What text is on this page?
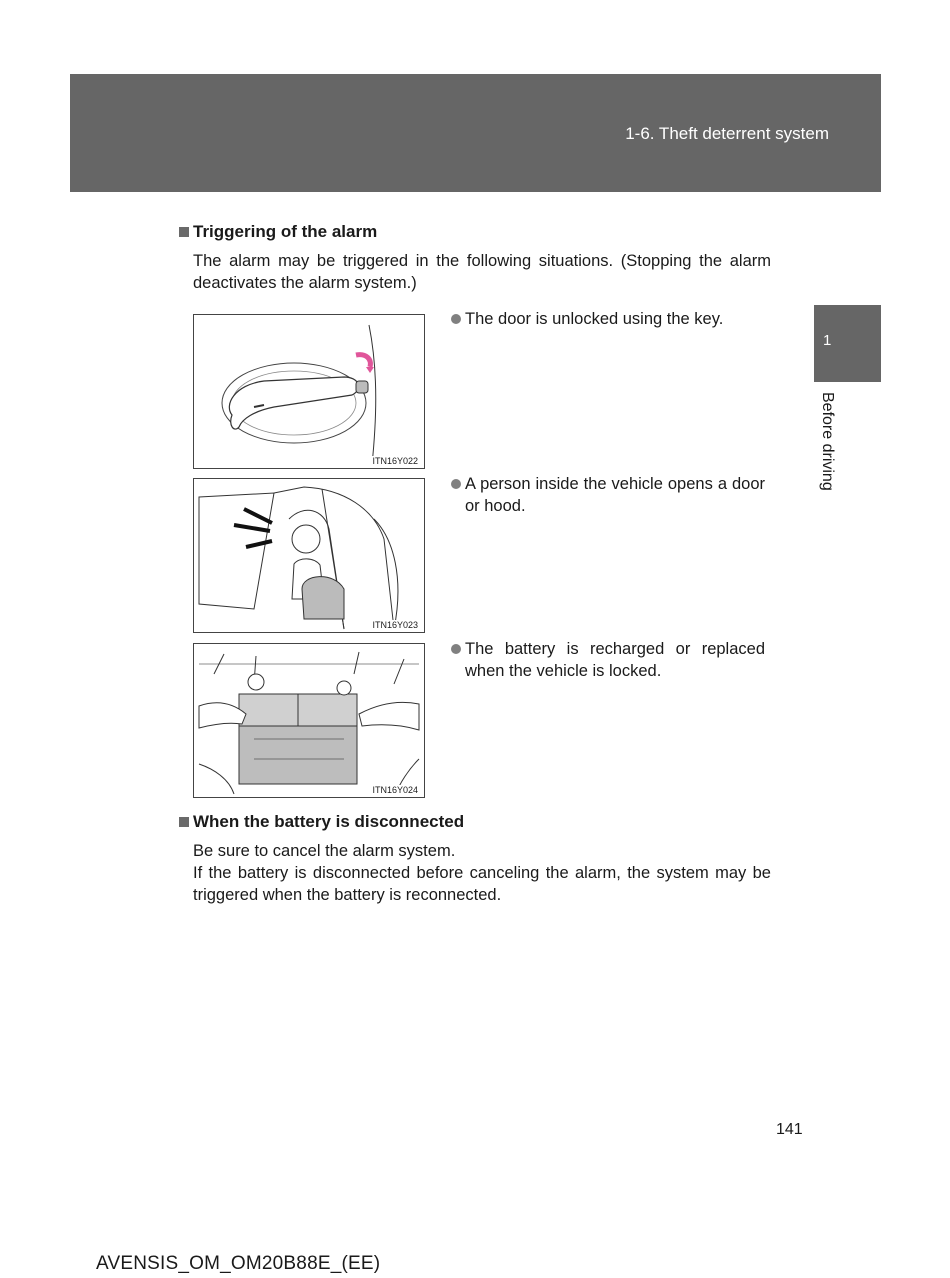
1-6. Theft deterrent system
1
Before driving
Triggering of the alarm
The alarm may be triggered in the following situations. (Stopping the alarm deactivates the alarm system.)
ITN16Y022
The door is unlocked using the key.
ITN16Y023
A person inside the vehicle opens a door or hood.
ITN16Y024
The battery is recharged or replaced when the vehicle is locked.
When the battery is disconnected
Be sure to cancel the alarm system.
If the battery is disconnected before canceling the alarm, the system may be triggered when the battery is reconnected.
141
AVENSIS_OM_OM20B88E_(EE)
